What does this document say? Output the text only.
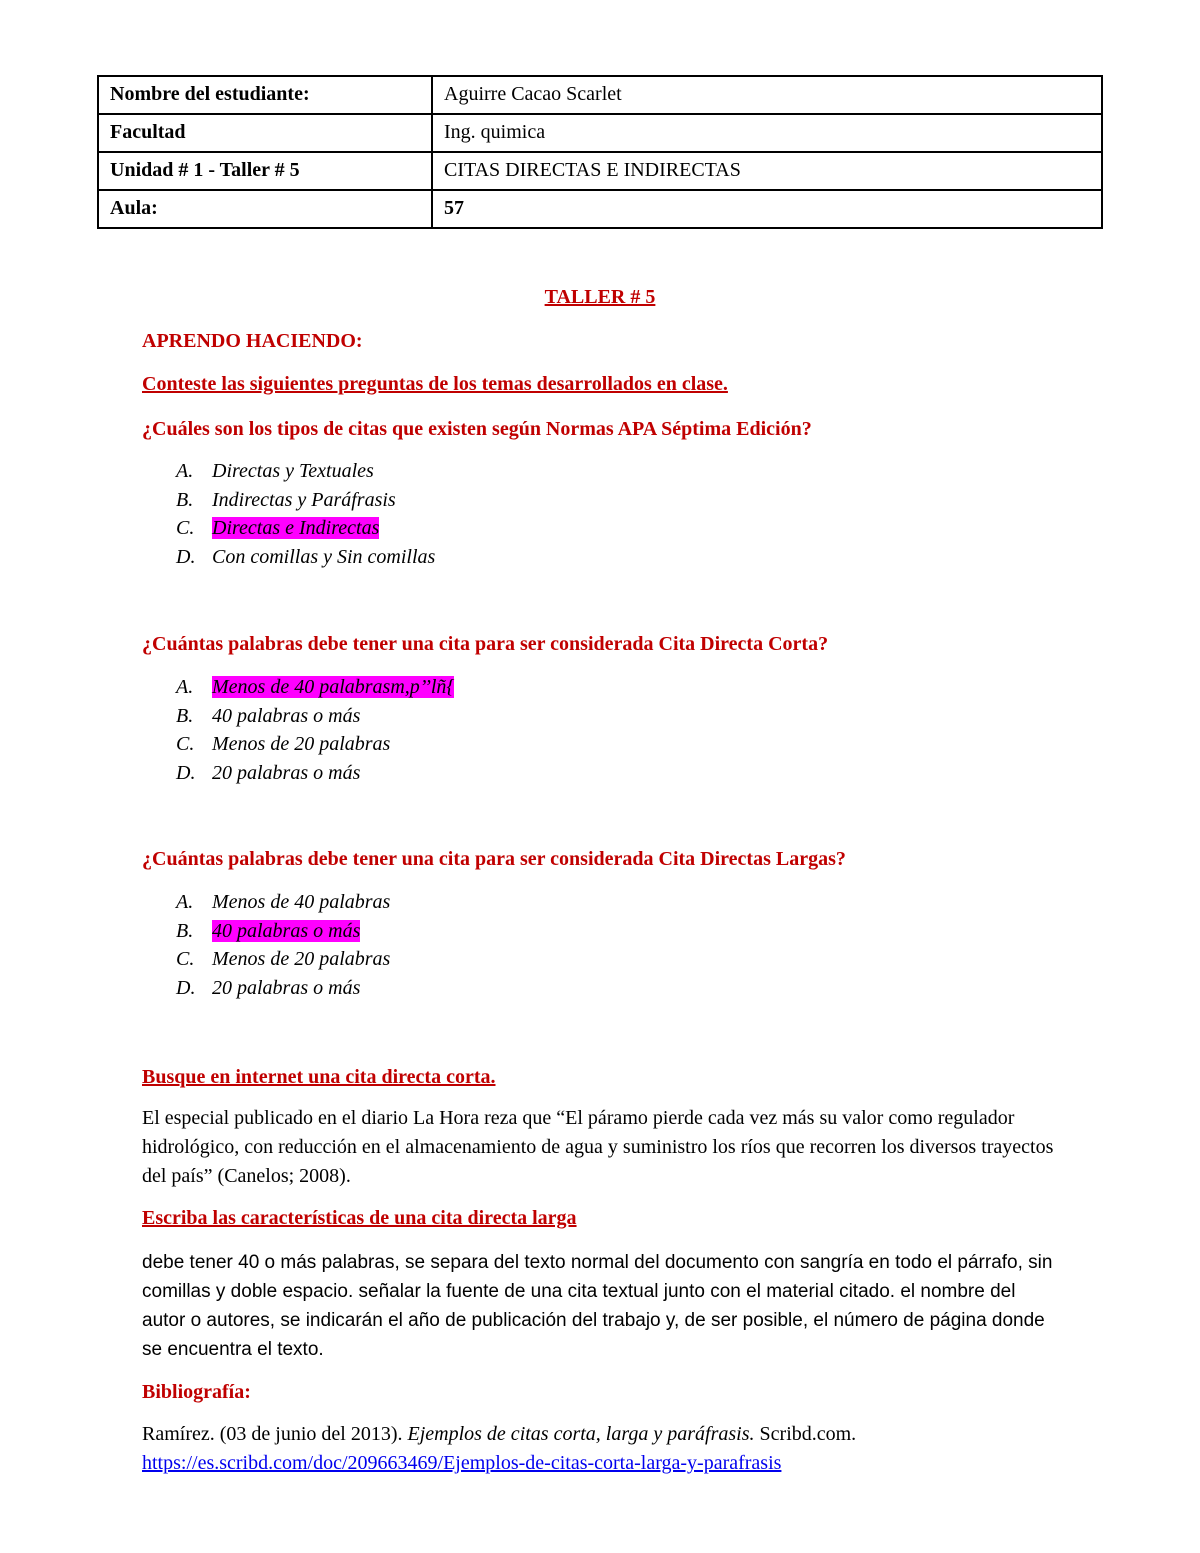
Nombre del estudiante:	Aguirre Cacao Scarlet
Facultad	Ing. quimica
Unidad # 1 - Taller # 5	CITAS DIRECTAS E INDIRECTAS
Aula:	57
TALLER # 5
APRENDO HACIENDO:
Conteste las siguientes preguntas de los temas desarrollados en clase.
¿Cuáles son los tipos de citas que existen según Normas APA Séptima Edición?
A. Directas y Textuales
B. Indirectas y Paráfrasis
C. Directas e Indirectas
D. Con comillas y Sin comillas
¿Cuántas palabras debe tener una cita para ser considerada Cita Directa Corta?
A. Menos de 40 palabrasm,p’’lñ{
B. 40 palabras o más
C. Menos de 20 palabras
D. 20 palabras o más
¿Cuántas palabras debe tener una cita para ser considerada Cita Directas Largas?
A. Menos de 40 palabras
B. 40 palabras o más
C. Menos de 20 palabras
D. 20 palabras o más
Busque en internet una cita directa corta.

El especial publicado en el diario La Hora reza que “El páramo pierde cada vez más su valor como regulador hidrológico, con reducción en el almacenamiento de agua y suministro los ríos que recorren los diversos trayectos del país” (Canelos; 2008).

Escriba las características de una cita directa larga

debe tener 40 o más palabras, se separa del texto normal del documento con sangría en todo el párrafo, sin comillas y doble espacio. señalar la fuente de una cita textual junto con el material citado. el nombre del autor o autores, se indicarán el año de publicación del trabajo y, de ser posible, el número de página donde se encuentra el texto.

Bibliografía:

Ramírez. (03 de junio del 2013). Ejemplos de citas corta, larga y paráfrasis. Scribd.com.
https://es.scribd.com/doc/209663469/Ejemplos-de-citas-corta-larga-y-parafrasis
